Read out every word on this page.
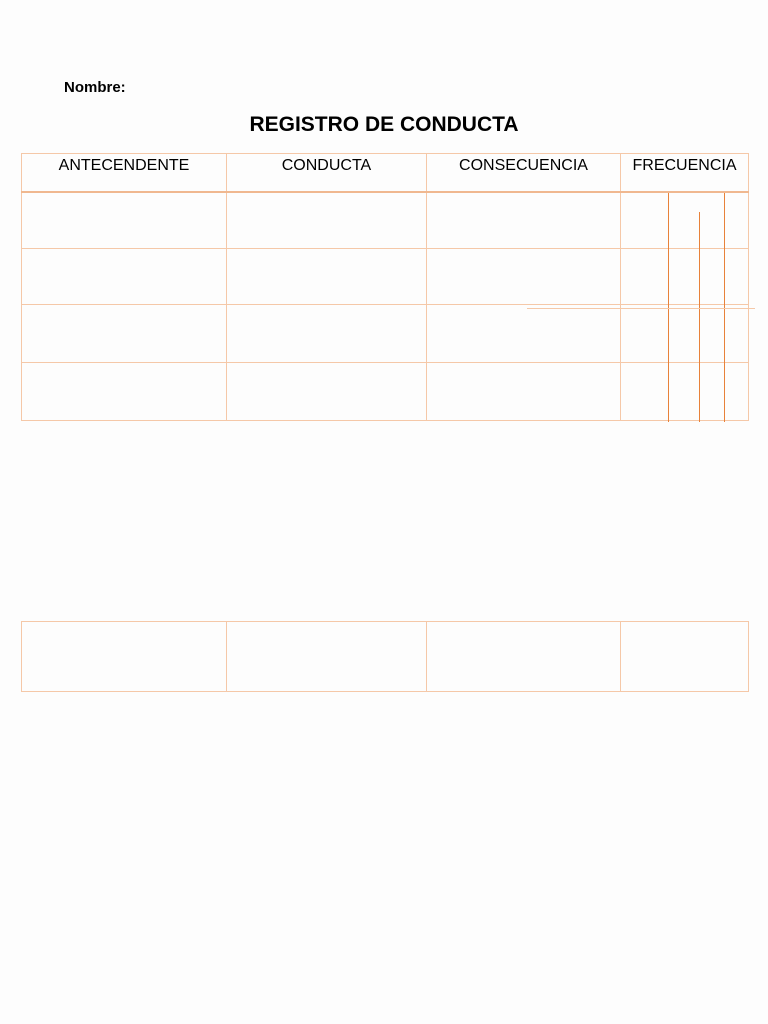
Nombre:
REGISTRO DE CONDUCTA
ANTECENDENTE	CONDUCTA	CONSECUENCIA	FRECUENCIA
